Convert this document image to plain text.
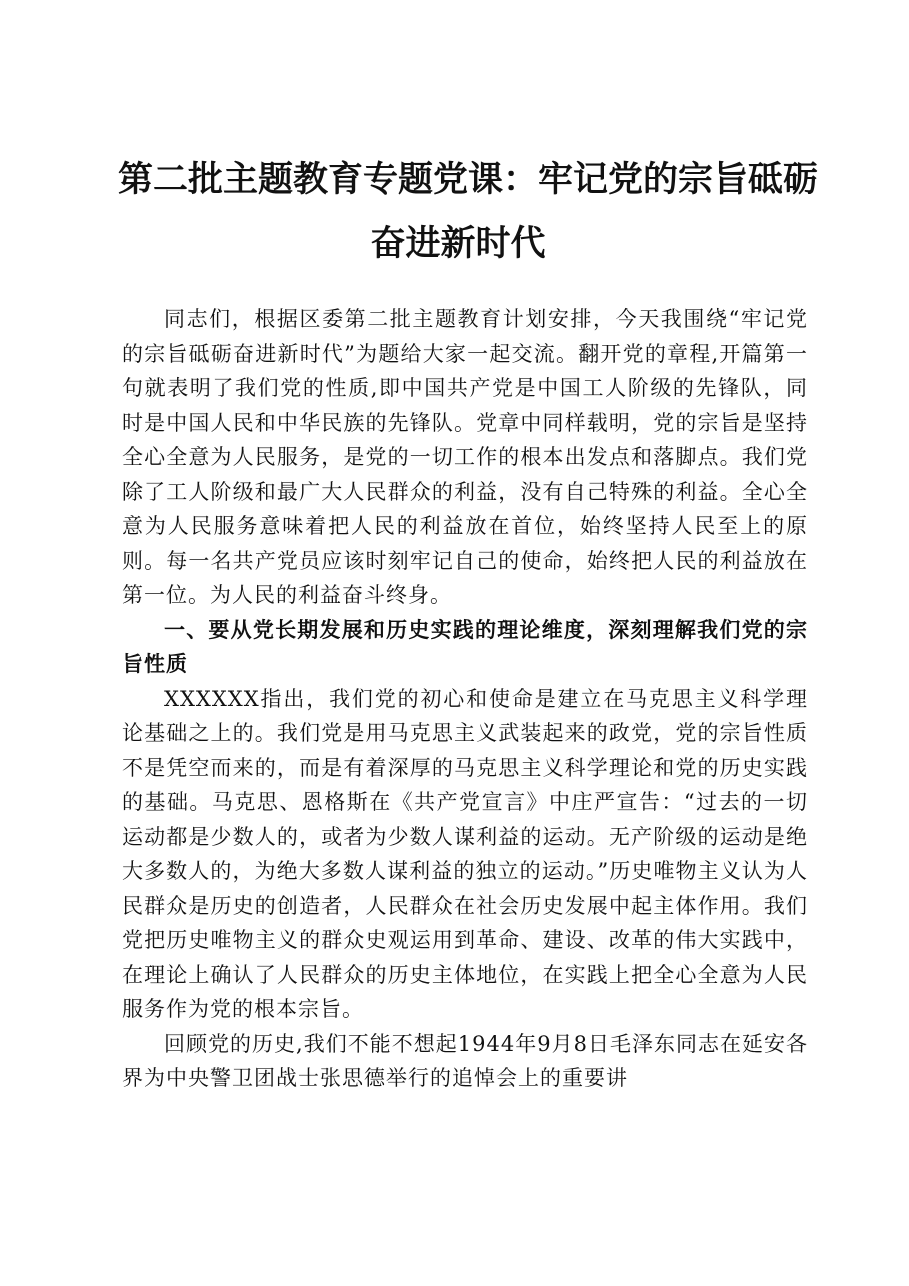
第二批主题教育专题党课：牢记党的宗旨砥砺
奋进新时代

同志们，根据区委第二批主题教育计划安排，今天我围绕“牢记党的宗旨砥砺奋进新时代”为题给大家一起交流。翻开党的章程,开篇第一句就表明了我们党的性质,即中国共产党是中国工人阶级的先锋队，同时是中国人民和中华民族的先锋队。党章中同样载明，党的宗旨是坚持全心全意为人民服务，是党的一切工作的根本出发点和落脚点。我们党除了工人阶级和最广大人民群众的利益，没有自己特殊的利益。全心全意为人民服务意味着把人民的利益放在首位，始终坚持人民至上的原则。每一名共产党员应该时刻牢记自己的使命，始终把人民的利益放在第一位。为人民的利益奋斗终身。

一、要从党长期发展和历史实践的理论维度，深刻理解我们党的宗旨性质

XXXXXX指出，我们党的初心和使命是建立在马克思主义科学理论基础之上的。我们党是用马克思主义武装起来的政党，党的宗旨性质不是凭空而来的，而是有着深厚的马克思主义科学理论和党的历史实践的基础。马克思、恩格斯在《共产党宣言》中庄严宣告：“过去的一切运动都是少数人的，或者为少数人谋利益的运动。无产阶级的运动是绝大多数人的，为绝大多数人谋利益的独立的运动。”历史唯物主义认为人民群众是历史的创造者，人民群众在社会历史发展中起主体作用。我们党把历史唯物主义的群众史观运用到革命、建设、改革的伟大实践中，在理论上确认了人民群众的历史主体地位，在实践上把全心全意为人民服务作为党的根本宗旨。

回顾党的历史,我们不能不想起1944年9月8日毛泽东同志在延安各界为中央警卫团战士张思德举行的追悼会上的重要讲
